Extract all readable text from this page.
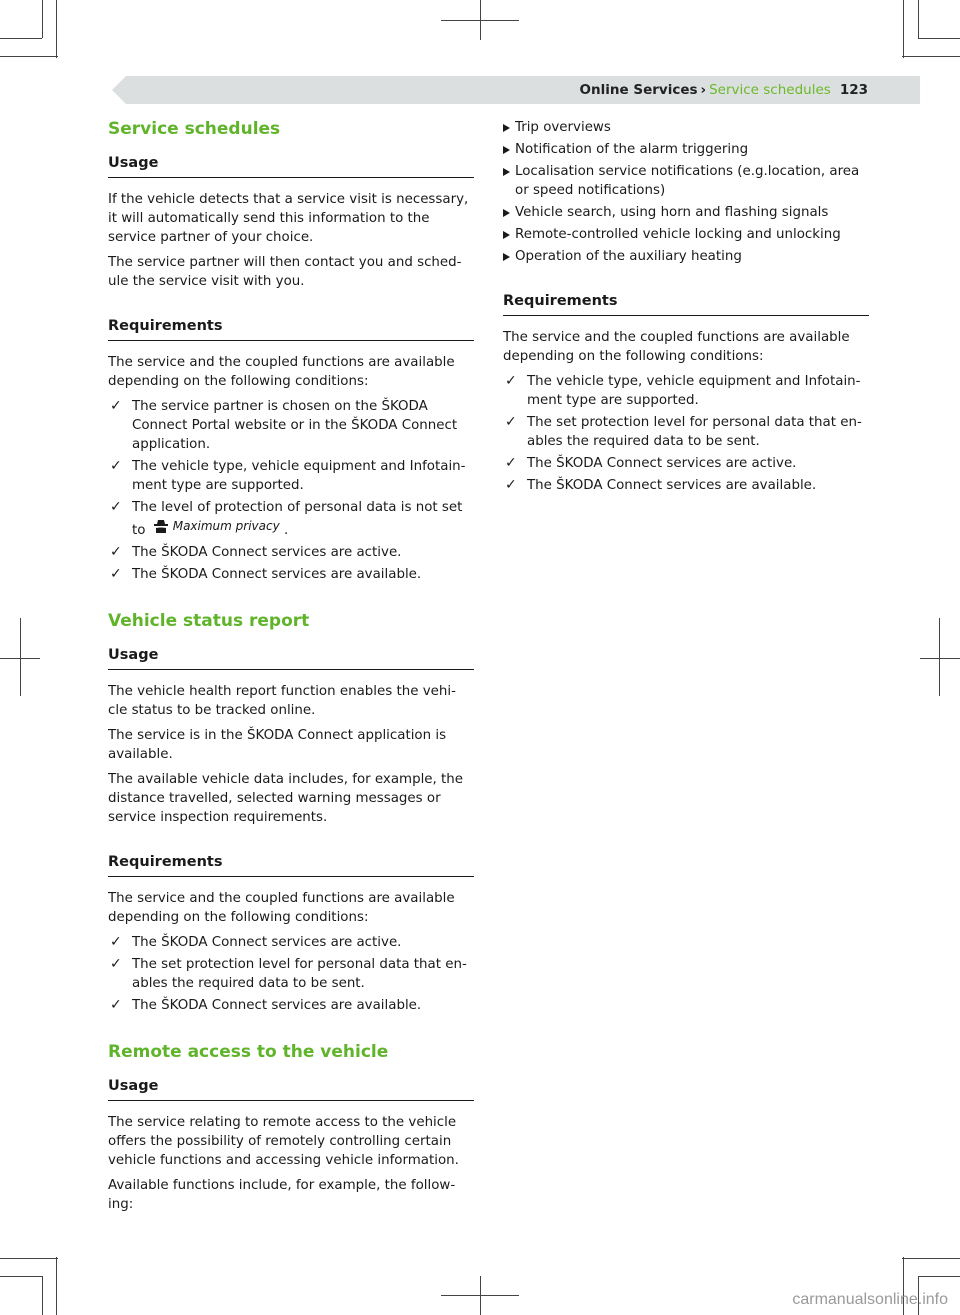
Online Services › Service schedules 123
Service schedules
Usage

If the vehicle detects that a service visit is necessary, it will automatically send this information to the service partner of your choice.

The service partner will then contact you and sched-ule the service visit with you.

Requirements

The service and the coupled functions are available depending on the following conditions:

✓ The service partner is chosen on the ŠKODA Connect Portal website or in the ŠKODA Connect application.
✓ The vehicle type, vehicle equipment and Infotain-ment type are supported.
✓ The level of protection of personal data is not set to Maximum privacy .
✓ The ŠKODA Connect services are active.
✓ The ŠKODA Connect services are available.
Vehicle status report
Usage

The vehicle health report function enables the vehi-cle status to be tracked online.

The service is in the ŠKODA Connect application is available.

The available vehicle data includes, for example, the distance travelled, selected warning messages or service inspection requirements.

Requirements

The service and the coupled functions are available depending on the following conditions:

✓ The ŠKODA Connect services are active.
✓ The set protection level for personal data that en-ables the required data to be sent.
✓ The ŠKODA Connect services are available.
Remote access to the vehicle
Usage

The service relating to remote access to the vehicle offers the possibility of remotely controlling certain vehicle functions and accessing vehicle information.

Available functions include, for example, the follow-ing:

Trip overviews
Notification of the alarm triggering
Localisation service notifications (e.g.location, area or speed notifications)
Vehicle search, using horn and flashing signals
Remote-controlled vehicle locking and unlocking
Operation of the auxiliary heating
Requirements

The service and the coupled functions are available depending on the following conditions:

✓ The vehicle type, vehicle equipment and Infotain-ment type are supported.
✓ The set protection level for personal data that en-ables the required data to be sent.
✓ The ŠKODA Connect services are active.
✓ The ŠKODA Connect services are available.
carmanualsonline.info
